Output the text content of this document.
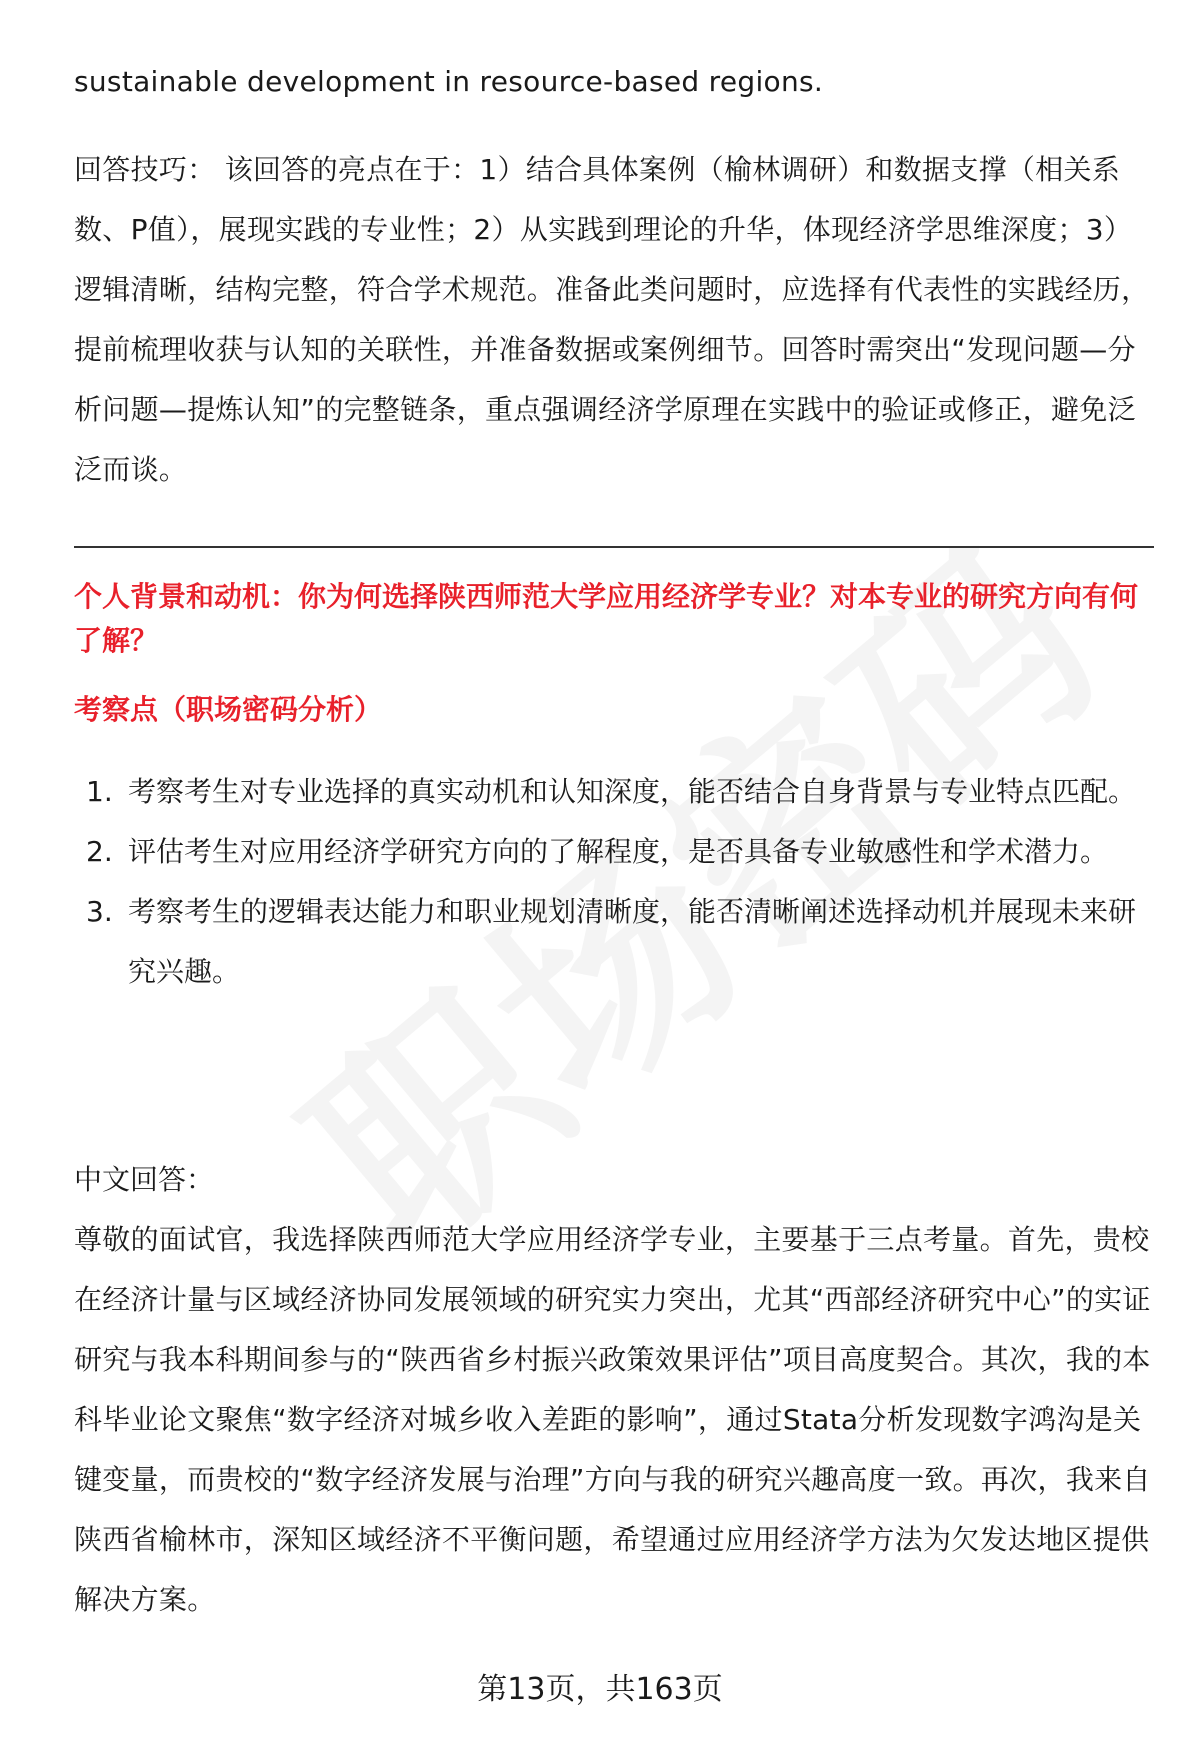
sustainable development in resource-based regions.

回答技巧： 该回答的亮点在于：1）结合具体案例（榆林调研）和数据支撑（相关系数、P值），展现实践的专业性；2）从实践到理论的升华，体现经济学思维深度；3）逻辑清晰，结构完整，符合学术规范。准备此类问题时，应选择有代表性的实践经历，提前梳理收获与认知的关联性，并准备数据或案例细节。回答时需突出“发现问题—分析问题—提炼认知”的完整链条，重点强调经济学原理在实践中的验证或修正，避免泛泛而谈。

个人背景和动机：你为何选择陕西师范大学应用经济学专业？对本专业的研究方向有何了解？
考察点（职场密码分析）
1. 考察考生对专业选择的真实动机和认知深度，能否结合自身背景与专业特点匹配。
2. 评估考生对应用经济学研究方向的了解程度，是否具备专业敏感性和学术潜力。
3. 考察考生的逻辑表达能力和职业规划清晰度，能否清晰阐述选择动机并展现未来研究兴趣。

中文回答：

尊敬的面试官，我选择陕西师范大学应用经济学专业，主要基于三点考量。首先，贵校在经济计量与区域经济协同发展领域的研究实力突出，尤其“西部经济研究中心”的实证研究与我本科期间参与的“陕西省乡村振兴政策效果评估”项目高度契合。其次，我的本科毕业论文聚焦“数字经济对城乡收入差距的影响”，通过Stata分析发现数字鸿沟是关键变量，而贵校的“数字经济发展与治理”方向与我的研究兴趣高度一致。再次，我来自陕西省榆林市，深知区域经济不平衡问题，希望通过应用经济学方法为欠发达地区提供解决方案。

第13页，共163页
